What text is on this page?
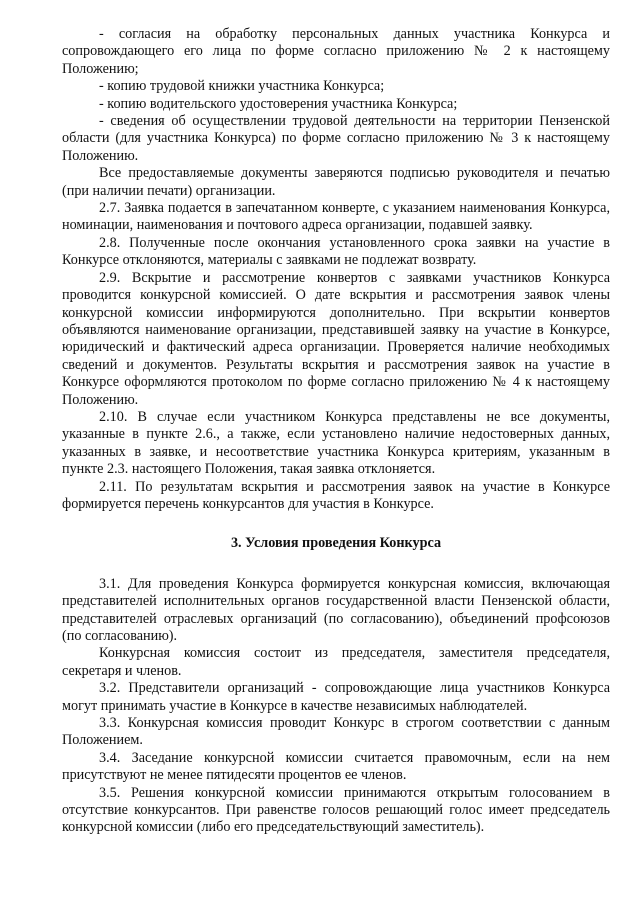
- согласия на обработку персональных данных участника Конкурса и сопровождающего его лица по форме согласно приложению № 2 к настоящему Положению;

- копию трудовой книжки участника Конкурса;

- копию водительского удостоверения участника Конкурса;

- сведения об осуществлении трудовой деятельности на территории Пензенской области (для участника Конкурса) по форме согласно приложению № 3 к настоящему Положению.

Все предоставляемые документы заверяются подписью руководителя и печатью (при наличии печати) организации.

2.7. Заявка подается в запечатанном конверте, с указанием наименования Конкурса, номинации, наименования и почтового адреса организации, подавшей заявку.

2.8. Полученные после окончания установленного срока заявки на участие в Конкурсе отклоняются, материалы с заявками не подлежат возврату.

2.9. Вскрытие и рассмотрение конвертов с заявками участников Конкурса проводится конкурсной комиссией. О дате вскрытия и рассмотрения заявок члены конкурсной комиссии информируются дополнительно. При вскрытии конвертов объявляются наименование организации, представившей заявку на участие в Конкурсе, юридический и фактический адреса организации. Проверяется наличие необходимых сведений и документов. Результаты вскрытия и рассмотрения заявок на участие в Конкурсе оформляются протоколом по форме согласно приложению № 4 к настоящему Положению.

2.10. В случае если участником Конкурса представлены не все документы, указанные в пункте 2.6., а также, если установлено наличие недостоверных данных, указанных в заявке, и несоответствие участника Конкурса критериям, указанным в пункте 2.3. настоящего Положения, такая заявка отклоняется.

2.11. По результатам вскрытия и рассмотрения заявок на участие в Конкурсе формируется перечень конкурсантов для участия в Конкурсе.

3. Условия проведения Конкурса

3.1. Для проведения Конкурса формируется конкурсная комиссия, включающая представителей исполнительных органов государственной власти Пензенской области, представителей отраслевых организаций (по согласованию), объединений профсоюзов (по согласованию).

Конкурсная комиссия состоит из председателя, заместителя председателя, секретаря и членов.

3.2. Представители организаций - сопровождающие лица участников Конкурса могут принимать участие в Конкурсе в качестве независимых наблюдателей.

3.3. Конкурсная комиссия проводит Конкурс в строгом соответствии с данным Положением.

3.4. Заседание конкурсной комиссии считается правомочным, если на нем присутствуют не менее пятидесяти процентов ее членов.

3.5. Решения конкурсной комиссии принимаются открытым голосованием в отсутствие конкурсантов. При равенстве голосов решающий голос имеет председатель конкурсной комиссии (либо его председательствующий заместитель).
